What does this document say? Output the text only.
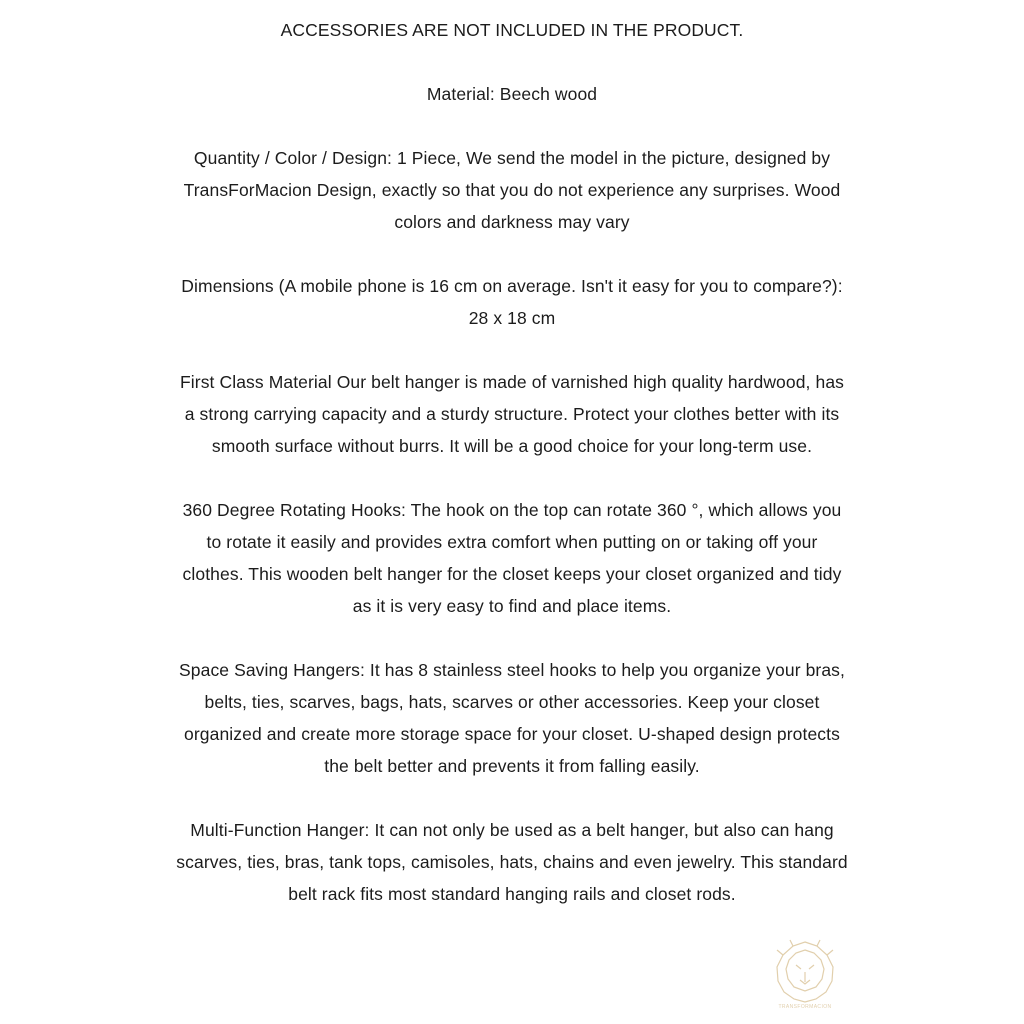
ACCESSORIES ARE NOT INCLUDED IN THE PRODUCT.

Material: Beech wood

Quantity / Color / Design: 1 Piece, We send the model in the picture, designed by TransForMacion Design, exactly so that you do not experience any surprises. Wood colors and darkness may vary

Dimensions (A mobile phone is 16 cm on average. Isn't it easy for you to compare?): 28 x 18 cm

First Class Material Our belt hanger is made of varnished high quality hardwood, has a strong carrying capacity and a sturdy structure. Protect your clothes better with its smooth surface without burrs. It will be a good choice for your long-term use.

360 Degree Rotating Hooks: The hook on the top can rotate 360 °, which allows you to rotate it easily and provides extra comfort when putting on or taking off your clothes. This wooden belt hanger for the closet keeps your closet organized and tidy as it is very easy to find and place items.

Space Saving Hangers: It has 8 stainless steel hooks to help you organize your bras, belts, ties, scarves, bags, hats, scarves or other accessories. Keep your closet organized and create more storage space for your closet. U-shaped design protects the belt better and prevents it from falling easily.

Multi-Function Hanger: It can not only be used as a belt hanger, but also can hang scarves, ties, bras, tank tops, camisoles, hats, chains and even jewelry. This standard belt rack fits most standard hanging rails and closet rods.

TRANSFORMACION
